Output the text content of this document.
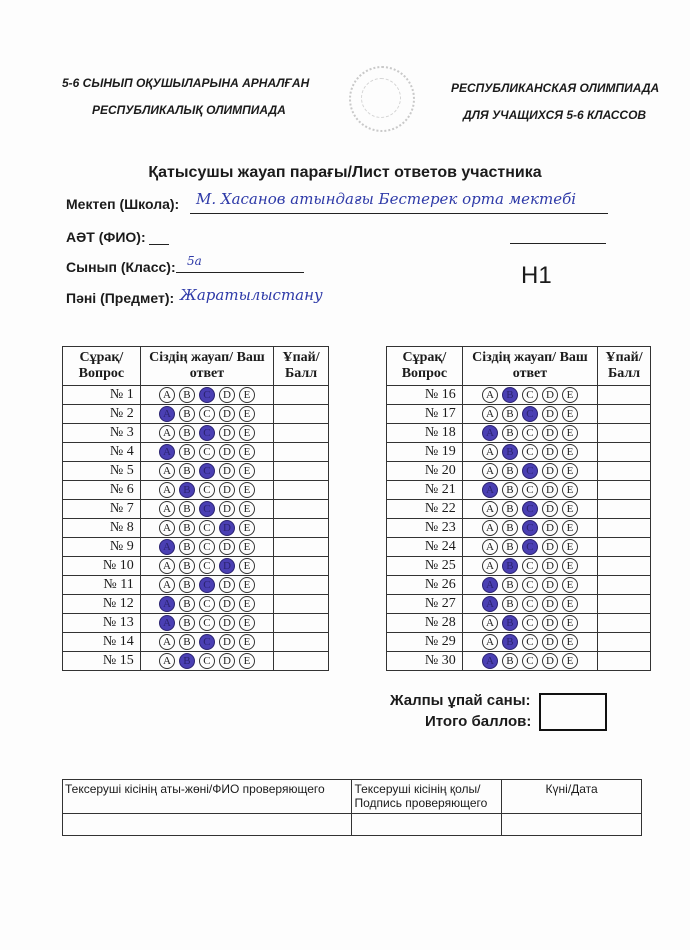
5-6 СЫНЫП ОҚУШЫЛАРЫНА АРНАЛҒАН
РЕСПУБЛИКАЛЫҚ ОЛИМПИАДА
РЕСПУБЛИКАНСКАЯ ОЛИМПИАДА
ДЛЯ УЧАЩИХСЯ 5-6 КЛАССОВ
Қатысушы жауап парағы/Лист ответов участника
Мектеп (Школа): М. Хасанов атындағы Бестерек орта мектебі
АӘТ (ФИО):
Сынып (Класс): 5а
Н1
Пәні (Предмет): Жаратылыстану
Сұрақ/ Вопрос	Сіздің жауап/ Ваш ответ	Ұпай/ Балл
№ 1	A B C D E	
№ 2	A B C D E	
№ 3	A B C D E	
№ 4	A B C D E	
№ 5	A B C D E	
№ 6	A B C D E	
№ 7	A B C D E	
№ 8	A B C D E	
№ 9	A B C D E	
№ 10	A B C D E	
№ 11	A B C D E	
№ 12	A B C D E	
№ 13	A B C D E	
№ 14	A B C D E	
№ 15	A B C D E	
Сұрақ/ Вопрос	Сіздің жауап/ Ваш ответ	Ұпай/ Балл
№ 16	A B C D E	
№ 17	A B C D E	
№ 18	A B C D E	
№ 19	A B C D E	
№ 20	A B C D E	
№ 21	A B C D E	
№ 22	A B C D E	
№ 23	A B C D E	
№ 24	A B C D E	
№ 25	A B C D E	
№ 26	A B C D E	
№ 27	A B C D E	
№ 28	A B C D E	
№ 29	A B C D E	
№ 30	A B C D E	
Жалпы ұпай саны:
Итого баллов:
Тексеруші кісінің аты-жөні/ФИО проверяющего	Тексеруші кісінің қолы/ Подпись проверяющего	Күні/Дата
